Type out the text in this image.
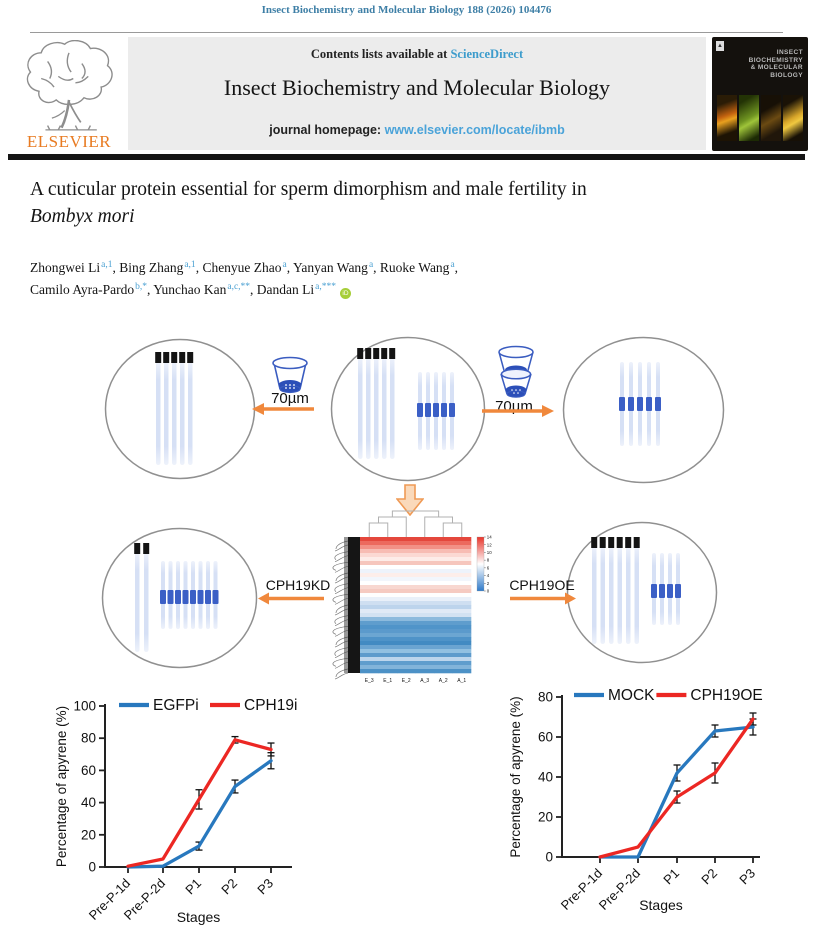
Insect Biochemistry and Molecular Biology 188 (2026) 104476
ELSEVIER
Contents lists available at ScienceDirect
Insect Biochemistry and Molecular Biology
journal homepage: www.elsevier.com/locate/ibmb
▲
INSECT
BIOCHEMISTRY
& MOLECULAR
BIOLOGY
A cuticular protein essential for sperm dimorphism and male fertility in
Bombyx mori
Zhongwei Li$^{a,1}$, Bing Zhang$^{a,1}$, Chenyue Zhao$^a$, Yanyan Wang$^a$, Ruoke Wang$^a$,
Camilo Ayra-Pardo$^{b,*}$, Yunchao Kan$^{a,c,**}$, Dandan $Li^{a,***}iD$
70µm	70µm
E_3 E_1 E_2 A_3 A_2 A_1
14
12
10
8
6
4
2
0
CPH19KD	CPH19OE
0
20
40
60
80
100
Pre-P-1d
Pre-P-2d P1 P2 P3
Stages
Percentage of apyrene (%)
EGFPi	CPH19i
0
20
40
60
80
Pre-P-1d
Pre-P-2d P1 P2 P3
Stages
Percentage of apyrene (%)
MOCK CPH19OE
